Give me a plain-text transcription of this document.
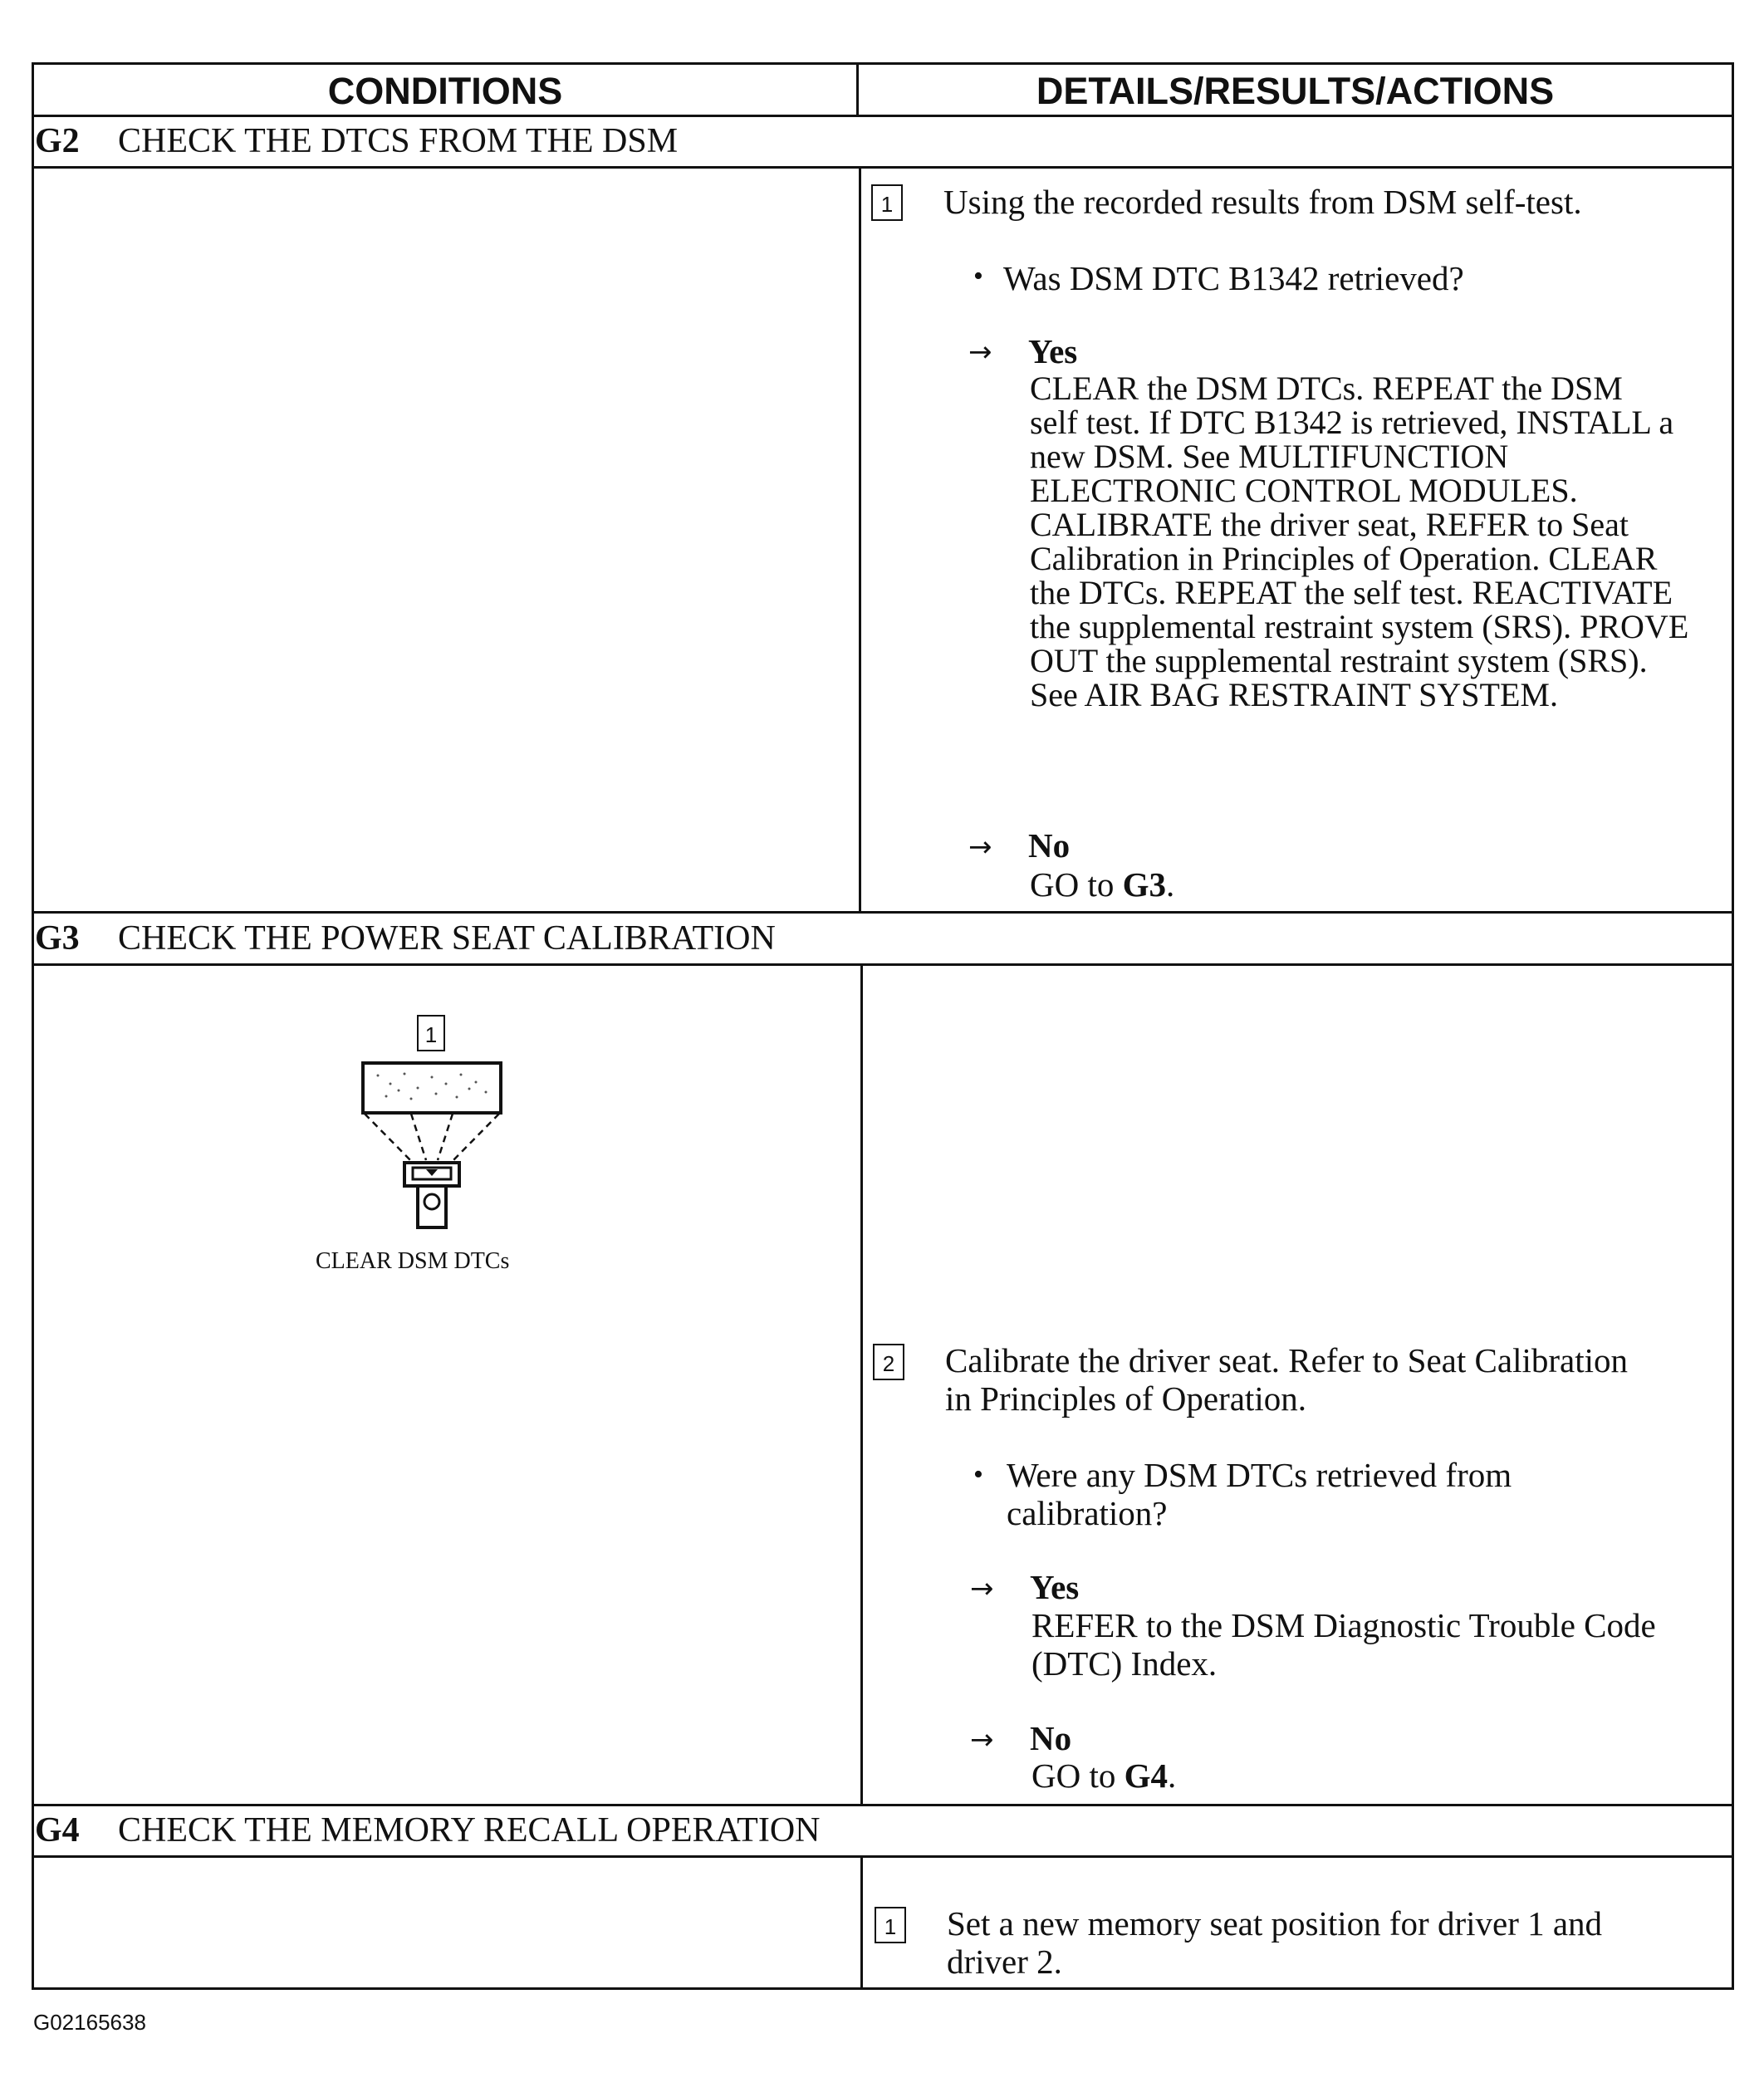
CONDITIONS	DETAILS/RESULTS/ACTIONS
G2 CHECK THE DTCS FROM THE DSM
1 Using the recorded results from DSM self-test.
• Was DSM DTC B1342 retrieved?
→ Yes
CLEAR the DSM DTCs. REPEAT the DSM
self test. If DTC B1342 is retrieved, INSTALL a
new DSM. See MULTIFUNCTION
ELECTRONIC CONTROL MODULES.
CALIBRATE the driver seat, REFER to Seat
Calibration in Principles of Operation. CLEAR
the DTCs. REPEAT the self test. REACTIVATE
the supplemental restraint system (SRS). PROVE
OUT the supplemental restraint system (SRS).
See AIR BAG RESTRAINT SYSTEM.
→ No
GO to G3.
G3 CHECK THE POWER SEAT CALIBRATION
1
CLEAR DSM DTCs
2 Calibrate the driver seat. Refer to Seat Calibration
in Principles of Operation.
• Were any DSM DTCs retrieved from
calibration?
→ Yes
REFER to the DSM Diagnostic Trouble Code
(DTC) Index.
→ No
GO to G4.
G4 CHECK THE MEMORY RECALL OPERATION
1 Set a new memory seat position for driver 1 and
driver 2.
G02165638
